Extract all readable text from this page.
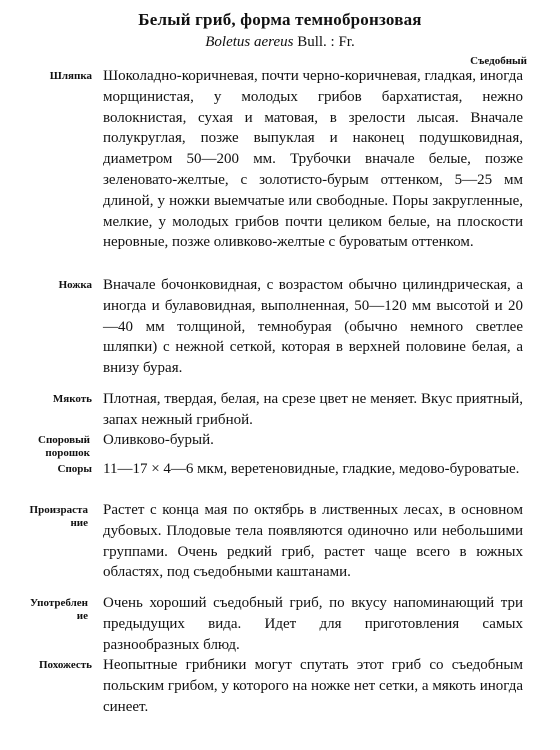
Белый гриб, форма темнобронзовая
Boletus aereus Bull. : Fr.
Съедобный
Шляпка Шоколадно-коричневая, почти черно-коричневая, гладкая, иногда морщинистая, у молодых грибов бархатистая, нежно волокнистая, сухая и матовая, в зрелости лысая. Вначале полукруглая, позже выпуклая и наконец подушковидная, диаметром 50—200 мм. Трубочки вначале белые, позже зеленовато-желтые, с золотисто-бурым оттенком, 5—25 мм длиной, у ножки выемчатые или свободные. Поры закругленные, мелкие, у молодых грибов почти целиком белые, на плоскости неровные, позже оливково-желтые с буроватым оттенком.
Ножка Вначале бочонковидная, с возрастом обычно цилиндрическая, а иногда и булавовидная, выполненная, 50—120 мм высотой и 20—40 мм толщиной, темнобурая (обычно немного светлее шляпки) с нежной сеткой, которая в верхней половине белая, а внизу бурая.
Мякоть Плотная, твердая, белая, на срезе цвет не меняет. Вкус приятный, запах нежный грибной.
Споровый порошок
Оливково-бурый.
Споры 11—17 × 4—6 мкм, веретеновидные, гладкие, медово-буроватые.
Произрастание
Растет с конца мая по октябрь в лиственных лесах, в основном дубовых. Плодовые тела появляются одиночно или небольшими группами. Очень редкий гриб, растет чаще всего в южных областях, под съедобными каштанами.
Употребление
Очень хороший съедобный гриб, по вкусу напоминающий три предыдущих вида. Идет для приготовления самых разнообразных блюд.
Похожесть Неопытные грибники могут спутать этот гриб со съедобным польским грибом, у которого на ножке нет сетки, а мякоть иногда синеет.
